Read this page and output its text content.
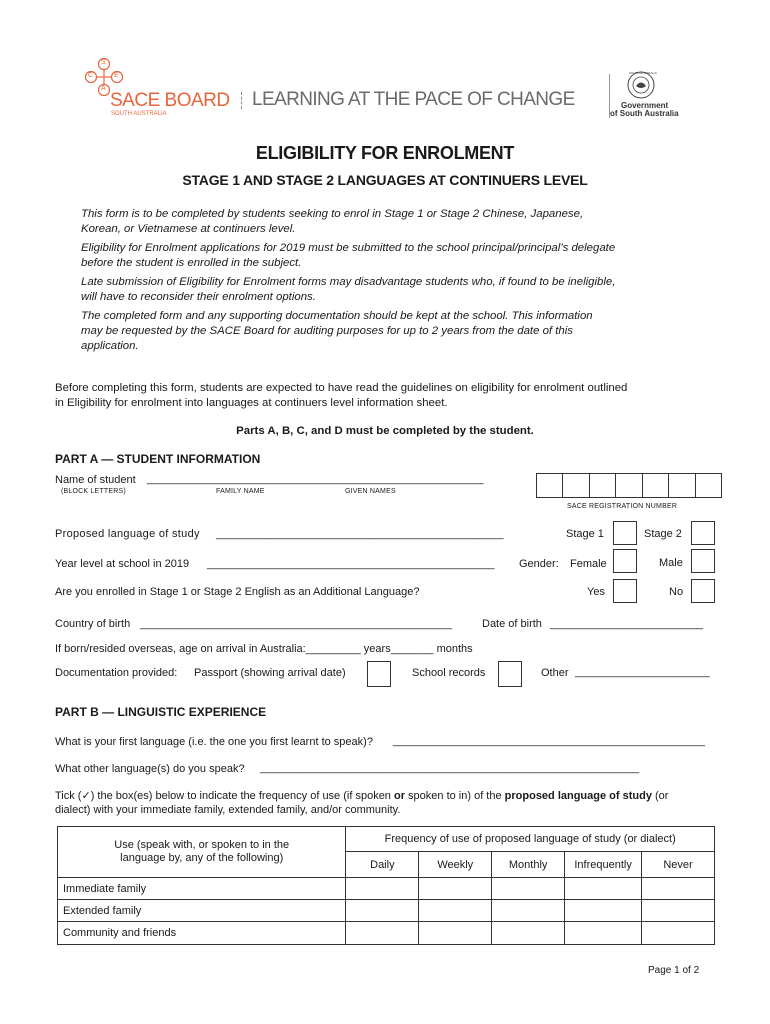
S
C	E
A
SACE BOARD
SOUTH AUSTRALIA
LEARNING AT THE PACE OF CHANGE
SOUTH AUSTRALIA
Government
of South Australia
ELIGIBILITY FOR ENROLMENT
STAGE 1 AND STAGE 2 LANGUAGES AT CONTINUERS LEVEL
This form is to be completed by students seeking to enrol in Stage 1 or Stage 2 Chinese, Japanese,
Korean, or Vietnamese at continuers level.
Eligibility for Enrolment applications for 2019 must be submitted to the school principal/principal’s delegate
before the student is enrolled in the subject.
Late submission of Eligibility for Enrolment forms may disadvantage students who, if found to be ineligible,
will have to reconsider their enrolment options.
The completed form and any supporting documentation should be kept at the school. This information
may be requested by the SACE Board for auditing purposes for up to 2 years from the date of this
application.
Before completing this form, students are expected to have read the guidelines on eligibility for enrolment outlined
in Eligibility for enrolment into languages at continuers level information sheet.
Parts A, B, C, and D must be completed by the student.
PART A — STUDENT INFORMATION
Name of student _______________________________________________________
(BLOCK LETTERS)	FAMILY NAME	GIVEN NAMES
SACE REGISTRATION NUMBER
Proposed language of study _______________________________________________	Stage 1	Stage 2
Year level at school in 2019 _______________________________________________ Gender: Female	Male
Are you enrolled in Stage 1 or Stage 2 English as an Additional Language?	Yes	No
Country of birth ___________________________________________________	Date of birth _________________________
If born/resided overseas, age on arrival in Australia:_________ years_______ months
Documentation provided: Passport (showing arrival date)	School records	Other ______________________
PART B — LINGUISTIC EXPERIENCE
What is your first language (i.e. the one you first learnt to speak)? ___________________________________________________
What other language(s) do you speak? ______________________________________________________________
Tick (✓) the box(es) below to indicate the frequency of use (if spoken or spoken to in) of the proposed language of study (or
dialect) with your immediate family, extended family, and/or community.
Use (speak with, or spoken to in the
language by, any of the following)	Frequency of use of proposed language of study (or dialect)				
	Daily	Weekly	Monthly	Infrequently	Never
Immediate family					
Extended family					
Community and friends					
Page 1 of 2
